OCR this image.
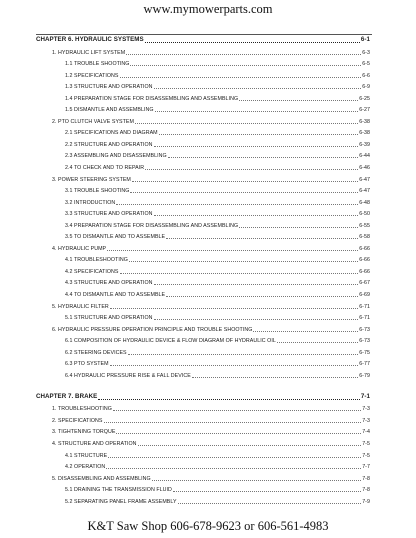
www.mymowerparts.com
CHAPTER 6. HYDRAULIC SYSTEMS	6-1
1. HYDRAULIC LIFT SYSTEM	6-3
1.1 TROUBLE SHOOTING	6-5
1.2 SPECIFICATIONS	6-6
1.3 STRUCTURE AND OPERATION	6-9
1.4 PREPARATION STAGE FOR DISASSEMBLING AND ASSEMBLING	6-25
1.5 DISMANTLE AND ASSEMBLING	6-27
2. PTO CLUTCH VALVE SYSTEM	6-38
2.1 SPECIFICATIONS AND DIAGRAM	6-38
2.2 STRUCTURE AND OPERATION	6-39
2.3 ASSEMBLING AND DISASSEMBLING	6-44
2.4 TO CHECK AND TO REPAIR	6-46
3. POWER STEERING SYSTEM	6-47
3.1 TROUBLE SHOOTING	6-47
3.2 INTRODUCTION	6-48
3.3 STRUCTURE AND OPERATION	6-50
3.4 PREPARATION STAGE FOR DISASSEMBLING AND ASSEMBLING	6-55
3.5 TO DISMANTLE AND TO ASSEMBLE	6-58
4. HYDRAULIC PUMP	6-66
4.1 TROUBLESHOOTING	6-66
4.2 SPECIFICATIONS	6-66
4.3 STRUCTURE AND OPERATION	6-67
4.4 TO DISMANTLE AND TO ASSEMBLE	6-69
5. HYDRAULIC FILTER	6-71
5.1 STRUCTURE AND OPERATION	6-71
6. HYDRAULIC PRESSURE OPERATION PRINCIPLE AND TROUBLE SHOOTING	6-73
6.1 COMPOSITION OF HYDRAULIC DEVICE & FLOW DIAGRAM OF HYDRAULIC OIL	6-73
6.2 STEERING DEVICES	6-75
6.3 PTO SYSTEM	6-77
6.4 HYDRAULIC PRESSURE RISE & FALL DEVICE	6-79
CHAPTER 7. BRAKE	7-1
1. TROUBLESHOOTING	7-3
2. SPECIFICATIONS	7-3
3. TIGHTENING TORQUE	7-4
4. STRUCTURE AND OPERATION	7-5
4.1 STRUCTURE	7-5
4.2 OPERATION	7-7
5. DISASSEMBLING AND ASSEMBLING	7-8
5.1 DRAINING THE TRANSMISSION FLUID	7-8
5.2 SEPARATING PANEL FRAME ASSEMBLY	7-9
K&T Saw Shop 606-678-9623 or 606-561-4983
